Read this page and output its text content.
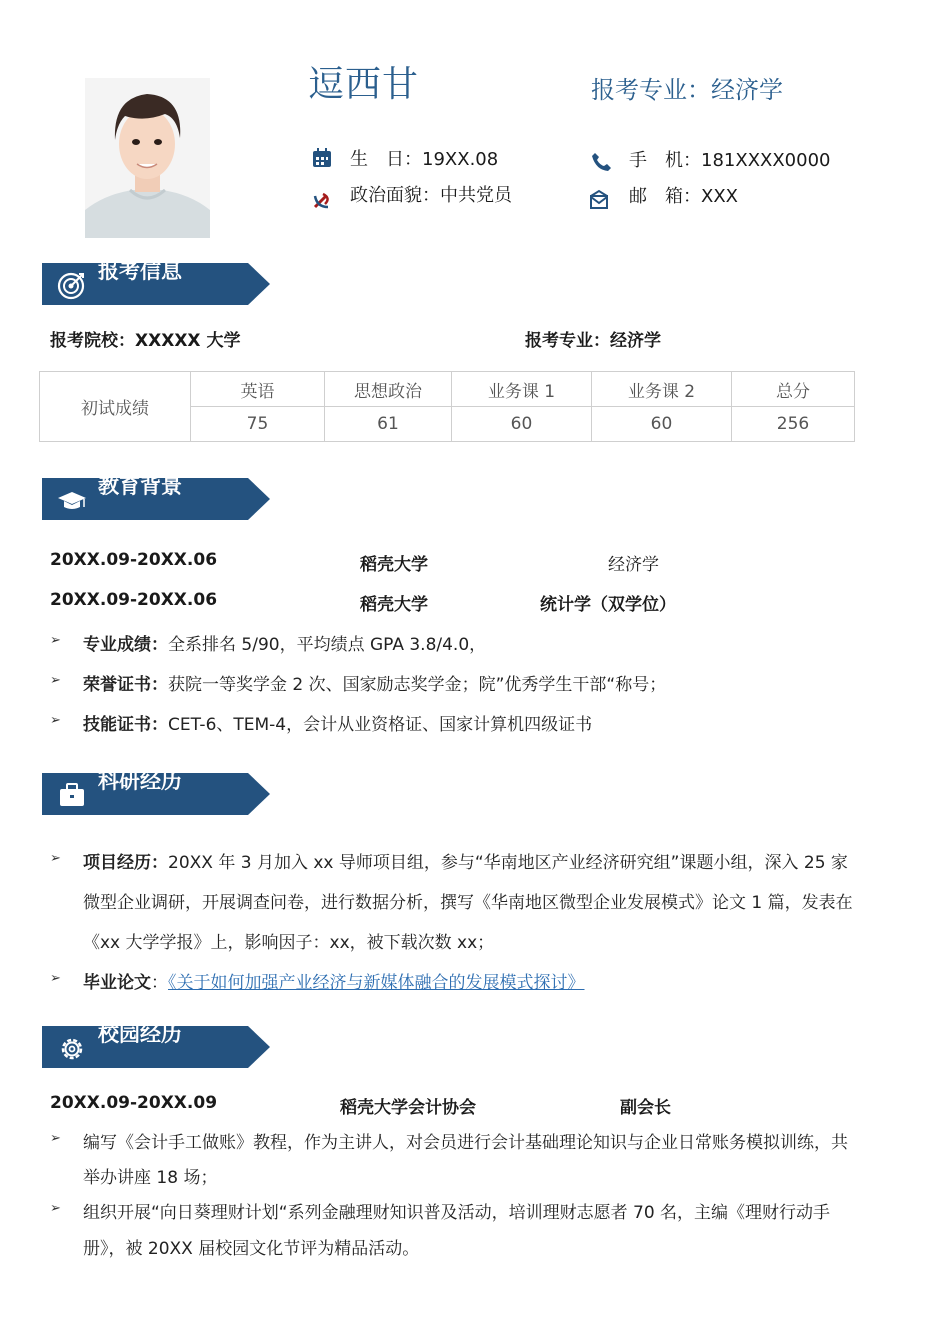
逗西甘	报考专业：经济学
生　日：19XX.08
政治面貌：中共党员
手　机：181XXXX0000
邮　箱：XXX
报考信息
报考院校：XXXXX 大学	报考专业：经济学
初试成绩	英语	思想政治	业务课 1	业务课 2	总分
	75	61	60	60	256
教育背景
20XX.09-20XX.06	稻壳大学	经济学
20XX.09-20XX.06	稻壳大学	统计学（双学位）
➢ 专业成绩：全系排名 5/90，平均绩点 GPA 3.8/4.0，
➢ 荣誉证书：获院一等奖学金 2 次、国家励志奖学金；院”优秀学生干部“称号；
➢ 技能证书：CET-6、TEM-4，会计从业资格证、国家计算机四级证书
科研经历
➢ 项目经历：20XX 年 3 月加入 xx 导师项目组，参与“华南地区产业经济研究组”课题小组，深入 25 家
微型企业调研，开展调查问卷，进行数据分析，撰写《华南地区微型企业发展模式》论文 1 篇，发表在
《xx 大学学报》上，影响因子：xx，被下载次数 xx；
➢ 毕业论文：《关于如何加强产业经济与新媒体融合的发展模式探讨》
校园经历
20XX.09-20XX.09	稻壳大学会计协会	副会长
➢ 编写《会计手工做账》教程，作为主讲人，对会员进行会计基础理论知识与企业日常账务模拟训练，共
举办讲座 18 场；
➢ 组织开展“向日葵理财计划“系列金融理财知识普及活动，培训理财志愿者 70 名，主编《理财行动手
册》，被 20XX 届校园文化节评为精品活动。
